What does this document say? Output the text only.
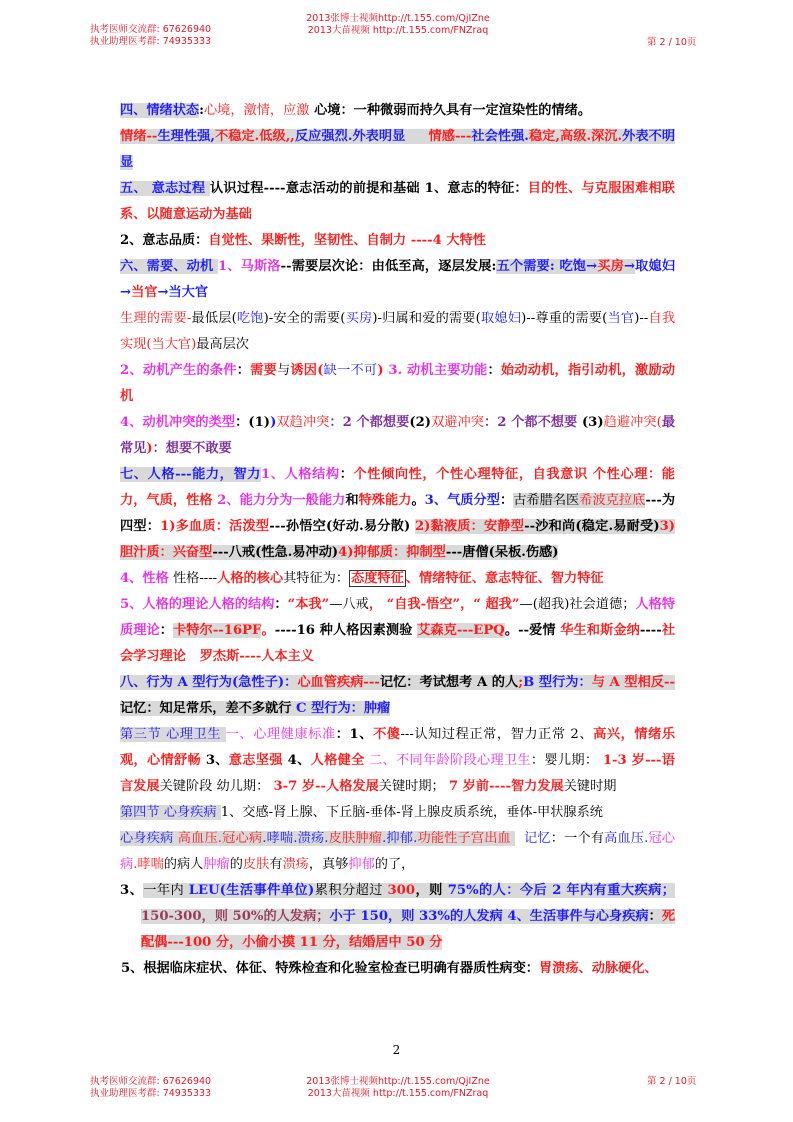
执考医师交流群: 67626940
执业助理医考群: 74935333
2013张博士视频http://t.155.com/QjIZne
2013大苗视频 http://t.155.com/FNZraq
第 2 / 10页

四、情绪状态:心境，激情，应激 心境：一种微弱而持久具有一定渲染性的情绪。

情绪--生理性强,不稳定.低级,,反应强烈.外表明显 情感---社会性强.稳定,高级.深沉.外表不明显

五、 意志过程 认识过程----意志活动的前提和基础 1、意志的特征：目的性、与克服困难相联系、以随意运动为基础

2、意志品质：自觉性、果断性，坚韧性、自制力 ----4 大特性

六、需要、动机 1、马斯洛--需要层次论：由低至高，逐层发展:五个需要: 吃饱→买房→取媳妇→当官→当大官

生理的需要-最低层(吃饱)-安全的需要(买房)-归属和爱的需要(取媳妇)--尊重的需要(当官)--自我实现(当大官)最高层次

2、动机产生的条件：需要与诱因(缺一不可) 3. 动机主要功能：始动动机，指引动机，激励动机

4、动机冲突的类型：(1))双趋冲突：2 个都想要(2)双避冲突：2 个都不想要 (3)趋避冲突(最常见)：想要不敢要

七、人格---能力，智力1、人格结构：个性倾向性，个性心理特征，自我意识 个性心理：能力，气质，性格 2、能力分为一般能力和特殊能力。3、气质分型：古希腊名医希波克拉底---为四型：1)多血质：活泼型---孙悟空(好动.易分散) 2)黏液质：安静型--沙和尚(稳定.易耐受)3)胆汁质：兴奋型---八戒(性急.易冲动)4)抑郁质：抑制型---唐僧(呆板.伤感)

4、性格 性格----人格的核心其特征为： 态度特征 、情绪特征、意志特征、智力特征

5、人格的理论人格的结构：“本我”—八戒， “自我-悟空”，“ 超我”—(超我)社会道德；人格特质理论：卡特尔--16PF。----16 种人格因素测验 艾森克---EPQ。--爱情 华生和斯金纳----社会学习理论 罗杰斯----人本主义

八、行为 A 型行为(急性子)：心血管疾病---记忆：考试想考 A 的人;B 型行为：与 A 型相反--记忆：知足常乐，差不多就行 C 型行为：肿瘤

第三节 心理卫生 一、心理健康标准：1、不傻---认知过程正常，智力正常 2、高兴，情绪乐观，心情舒畅 3、意志坚强 4、人格健全 二、不同年龄阶段心理卫生：婴儿期： 1-3 岁---语言发展关键阶段 幼儿期： 3-7 岁--人格发展关键时期； 7 岁前----智力发展关键时期

第四节 心身疾病 1、交感-肾上腺、下丘脑-垂体-肾上腺皮质系统，垂体-甲状腺系统

心身疾病 高血压.冠心病.哮喘.溃疡.皮肤肿瘤.抑郁.功能性子宫出血 记忆：一个有高血压.冠心病.哮喘的病人肿瘤的皮肤有溃疡，真够抑郁的了，

3、一年内 LEU(生活事件单位)累积分超过 300，则 75%的人：今后 2 年内有重大疾病；150-300，则 50%的人发病；小于 150，则 33%的人发病 4、生活事件与心身疾病：死配偶---100 分，小偷小摸 11 分，结婚居中 50 分

5、根据临床症状、体征、特殊检查和化验室检查已明确有器质性病变：胃溃疡、动脉硬化、

2
执考医师交流群: 67626940
执业助理医考群: 74935333
2013张博士视频http://t.155.com/QjIZne
2013大苗视频 http://t.155.com/FNZraq
第 2 / 10页
